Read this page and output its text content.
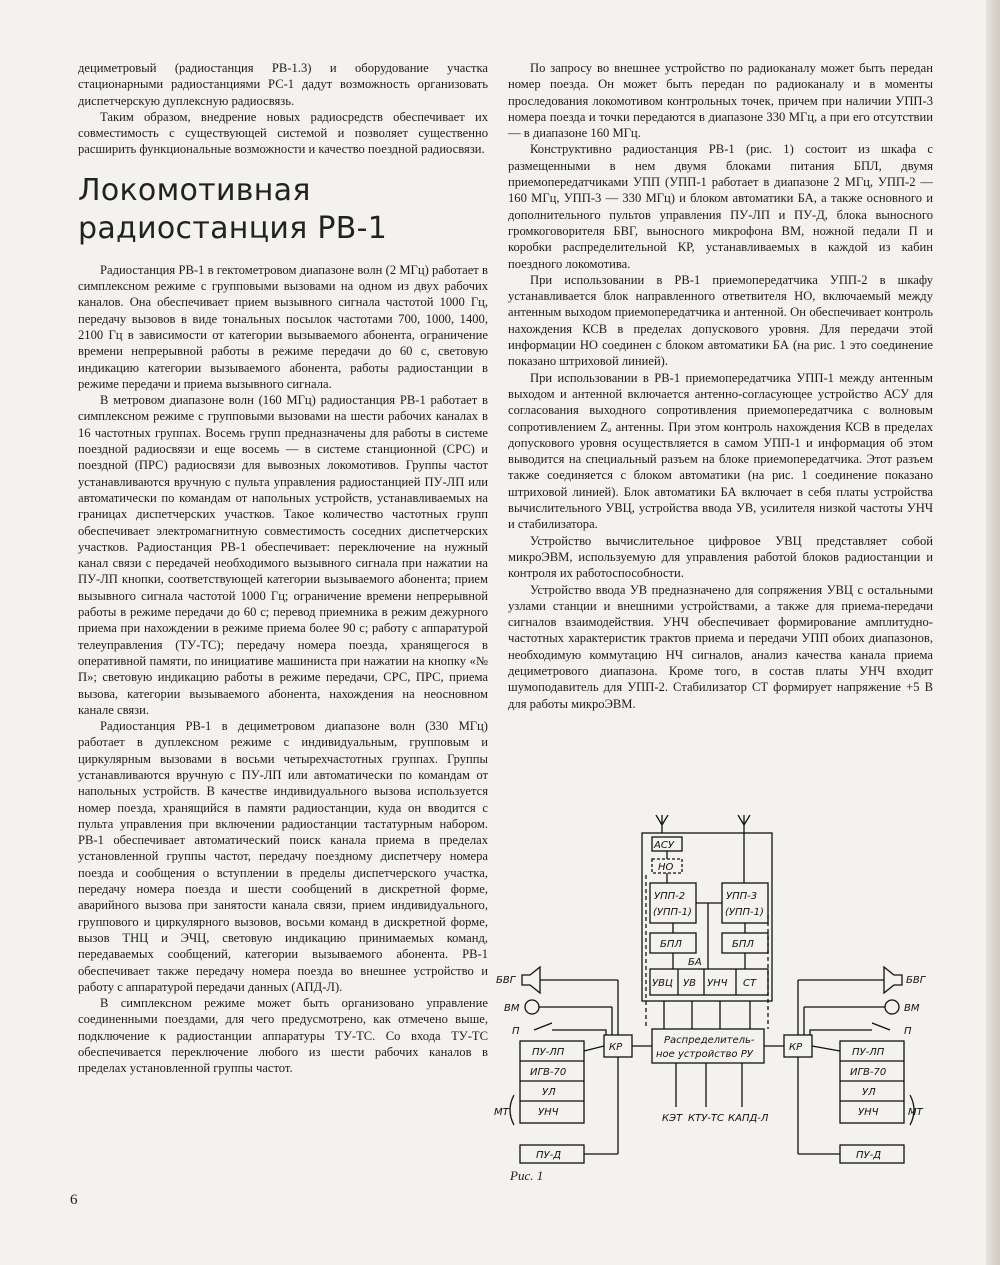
дециметровый (радиостанция РВ-1.3) и оборудование участка стационарными радиостанциями РС-1 дадут возможность организовать диспетчерскую дуплексную радиосвязь.

Таким образом, внедрение новых радиосредств обеспечивает их совместимость с существующей системой и позволяет существенно расширить функциональные возможности и качество поездной радиосвязи.

Локомотивная радиостанция РВ-1

Радиостанция РВ-1 в гектометровом диапазоне волн (2 МГц) работает в симплексном режиме с групповыми вызовами на одном из двух рабочих каналов. Она обеспечивает прием вызывного сигнала частотой 1000 Гц, передачу вызовов в виде тональных посылок частотами 700, 1000, 1400, 2100 Гц в зависимости от категории вызываемого абонента, ограничение времени непрерывной работы в режиме передачи до 60 с, световую индикацию категории вызываемого абонента, работы радиостанции в режиме передачи и приема вызывного сигнала.

В метровом диапазоне волн (160 МГц) радиостанция РВ-1 работает в симплексном режиме с групповыми вызовами на шести рабочих каналах в 16 частотных группах. Восемь групп предназначены для работы в системе поездной радиосвязи и еще восемь — в системе станционной (СРС) и поездной (ПРС) радиосвязи для вывозных локомотивов. Группы частот устанавливаются вручную с пульта управления радиостанцией ПУ-ЛП или автоматически по командам от напольных устройств, устанавливаемых на границах диспетчерских участков. Такое количество частотных групп обеспечивает электромагнитную совместимость соседних диспетчерских участков. Радиостанция РВ-1 обеспечивает: переключение на нужный канал связи с передачей необходимого вызывного сигнала при нажатии на ПУ-ЛП кнопки, соответствующей категории вызываемого абонента; прием вызывного сигнала частотой 1000 Гц; ограничение времени непрерывной работы в режиме передачи до 60 с; перевод приемника в режим дежурного приема при нахождении в режиме приема более 90 с; работу с аппаратурой телеуправления (ТУ-ТС); передачу номера поезда, хранящегося в оперативной памяти, по инициативе машиниста при нажатии на кнопку «№ П»; световую индикацию работы в режиме передачи, СРС, ПРС, приема вызова, категории вызываемого абонента, нахождения на неосновном канале связи.

Радиостанция РВ-1 в дециметровом диапазоне волн (330 МГц) работает в дуплексном режиме с индивидуальным, групповым и циркулярным вызовами в восьми четырехчастотных группах. Группы устанавливаются вручную с ПУ-ЛП или автоматически по командам от напольных устройств. В качестве индивидуального вызова используется номер поезда, хранящийся в памяти радиостанции, куда он вводится с пульта управления при включении радиостанции тастатурным набором. РВ-1 обеспечивает автоматический поиск канала приема в пределах установленной группы частот, передачу поездному диспетчеру номера поезда и сообщения о вступлении в пределы диспетчерского участка, передачу номера поезда и шести сообщений в дискретной форме, аварийного вызова при занятости канала связи, прием индивидуального, группового и циркулярного вызовов, восьми команд в дискретной форме, вызов ТНЦ и ЭЧЦ, световую индикацию принимаемых команд, передаваемых сообщений, категории вызываемого абонента. РВ-1 обеспечивает также передачу номера поезда во внешнее устройство и работу с аппаратурой передачи данных (АПД-Л).

В симплексном режиме может быть организовано управление соединенными поездами, для чего предусмотрено, как отмечено выше, подключение к радиостанции аппаратуры ТУ-ТС. Со входа ТУ-ТС обеспечивается переключение любого из шести рабочих каналов в пределах установленной группы частот.

По запросу во внешнее устройство по радиоканалу может быть передан номер поезда. Он может быть передан по радиоканалу и в моменты проследования локомотивом контрольных точек, причем при наличии УПП-3 номера поезда и точки передаются в диапазоне 330 МГц, а при его отсутствии — в диапазоне 160 МГц.

Конструктивно радиостанция РВ-1 (рис. 1) состоит из шкафа с размещенными в нем двумя блоками питания БПЛ, двумя приемопередатчиками УПП (УПП-1 работает в диапазоне 2 МГц, УПП-2 — 160 МГц, УПП-3 — 330 МГц) и блоком автоматики БА, а также основного и дополнительного пультов управления ПУ-ЛП и ПУ-Д, блока выносного громкоговорителя БВГ, выносного микрофона ВМ, ножной педали П и коробки распределительной КР, устанавливаемых в каждой из кабин поездного локомотива.

При использовании в РВ-1 приемопередатчика УПП-2 в шкафу устанавливается блок направленного ответвителя НО, включаемый между антенным выходом приемопередатчика и антенной. Он обеспечивает контроль нахождения КСВ в пределах допускового уровня. Для передачи этой информации НО соединен с блоком автоматики БА (на рис. 1 это соединение показано штриховой линией).

При использовании в РВ-1 приемопередатчика УПП-1 между антенным выходом и антенной включается антенно-согласующее устройство АСУ для согласования выходного сопротивления приемопередатчика с волновым сопротивлением Zₐ антенны. При этом контроль нахождения КСВ в пределах допускового уровня осуществляется в самом УПП-1 и информация об этом выводится на специальный разъем на блоке приемопередатчика. Этот разъем также соединяется с блоком автоматики (на рис. 1 соединение показано штриховой линией). Блок автоматики БА включает в себя платы устройства вычислительного УВЦ, устройства ввода УВ, усилителя низкой частоты УНЧ и стабилизатора.

Устройство вычислительное цифровое УВЦ представляет собой микроЭВМ, используемую для управления работой блоков радиостанции и контроля их работоспособности.

Устройство ввода УВ предназначено для сопряжения УВЦ с остальными узлами станции и внешними устройствами, а также для приема-передачи сигналов взаимодействия. УНЧ обеспечивает формирование амплитудно-частотных характеристик трактов приема и передачи УПП обоих диапазонов, необходимую коммутацию НЧ сигналов, анализ качества канала приема дециметрового диапазона. Кроме того, в состав платы УНЧ входит шумоподавитель для УПП-2. Стабилизатор СТ формирует напряжение +5 В для работы микроЭВМ.

АСУ
НО
УПП-2
(УПП-1)
УПП-3
(УПП-1)
БПЛ	БПЛ
БА
УВЦ УВ УНЧ СТ
Распределитель-
ное устройство РУ
КР	КР
БВГ	БВГ
ВМ	ВМ
П	П
МТ	МТ
ПУ-ЛП
ИГВ-70
УЛ
УНЧ
ПУ-ЛП
ИГВ-70
УЛ
УНЧ
ПУ-Д	ПУ-Д
КЭТ КТУ-ТС КАПД-Л
Рис. 1
6
